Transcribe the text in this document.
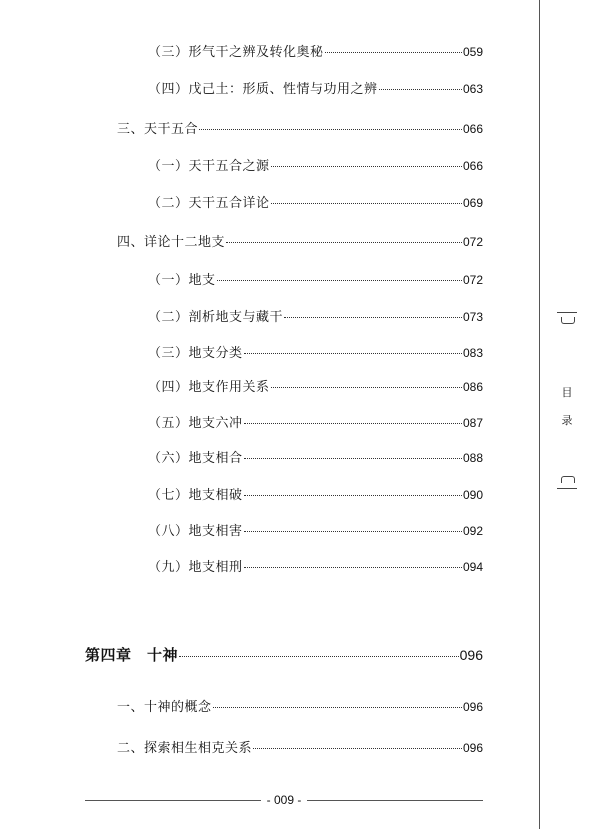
（三）形气干之辨及转化奥秘	059
（四）戊己土：形质、性情与功用之辨	063
三、天干五合	066
（一）天干五合之源	066
（二）天干五合详论	069
四、详论十二地支	072
（一）地支	072
（二）剖析地支与藏干	073
（三）地支分类	083
（四）地支作用关系	086
（五）地支六冲	087
（六）地支相合	088
（七）地支相破	090
（八）地支相害	092
（九）地支相刑	094
第四章　十神	096
一、十神的概念	096
二、探索相生相克关系	096
目
录
- 009 -
